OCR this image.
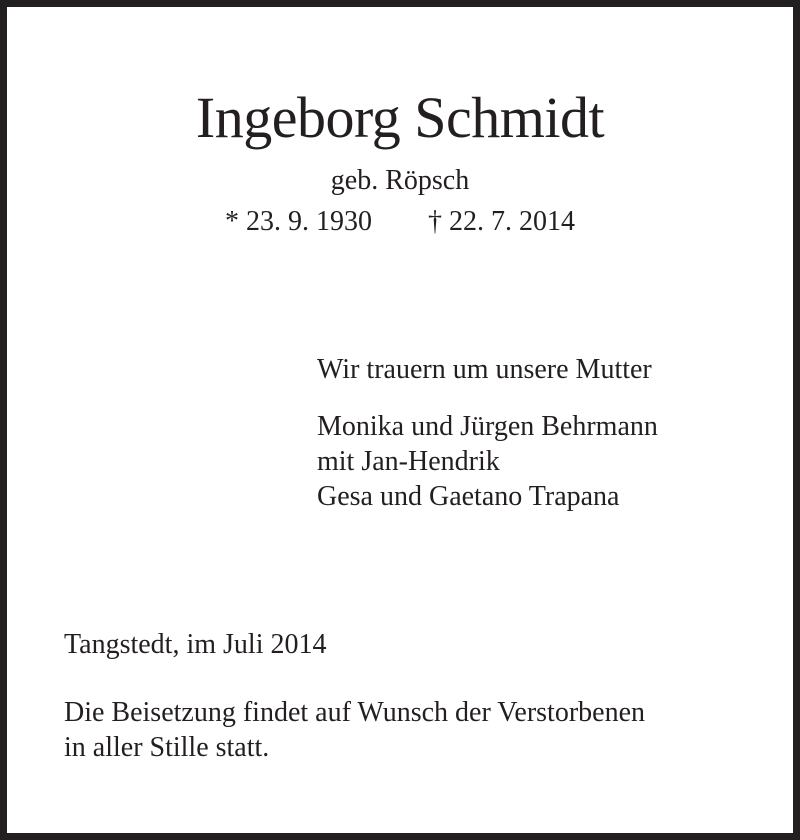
Ingeborg Schmidt
geb. Röpsch
* 23. 9. 1930 † 22. 7. 2014
Wir trauern um unsere Mutter
Monika und Jürgen Behrmann
mit Jan-Hendrik
Gesa und Gaetano Trapana
Tangstedt, im Juli 2014
Die Beisetzung findet auf Wunsch der Verstorbenen
in aller Stille statt.
